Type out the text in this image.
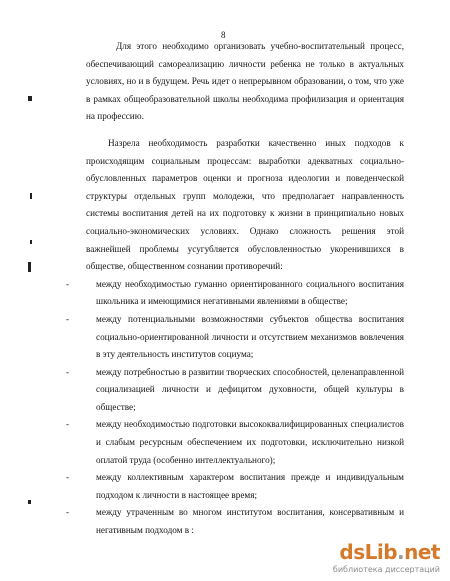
8

Для этого необходимо организовать учебно-воспитательный процесс, обеспечивающий самореализацию личности ребенка не только в актуальных условиях, но и в будущем. Речь идет о непрерывном образовании, о том, что уже в рамках общеобразовательной школы необходима профилизация и ориентация на профессию.

Назрела необходимость разработки качественно иных подходов к происходящим социальным процессам: выработки адекватных социально-обусловленных параметров оценки и прогноза идеологии и поведенческой структуры отдельных групп молодежи, что предполагает направленность системы воспитания детей на их подготовку к жизни в принципиально новых социально-экономических условиях. Однако сложность решения этой важнейшей проблемы усугубляется обусловленностью укоренившихся в обществе, общественном сознании противоречий:

- между необходимостью гуманно ориентированного социального воспитания школьника и имеющимися негативными явлениями в обществе;
- между потенциальными возможностями субъектов общества воспитания социально-ориентированной личности и отсутствием механизмов вовлечения в эту деятельность институтов социума;
- между потребностью в развитии творческих способностей, целенаправленной социализацией личности и дефицитом духовности, общей культуры в обществе;
- между необходимостью подготовки высококвалифицированных специалистов и слабым ресурсным обеспечением их подготовки, исключительно низкой оплатой труда (особенно интеллектуального);
- между коллективным характером воспитания прежде и индивидуальным подходом к личности в настоящее время;
- между утраченным во многом институтом воспитания, консервативным и негативным подходом в :
dsLib.net
библиотека диссертаций
